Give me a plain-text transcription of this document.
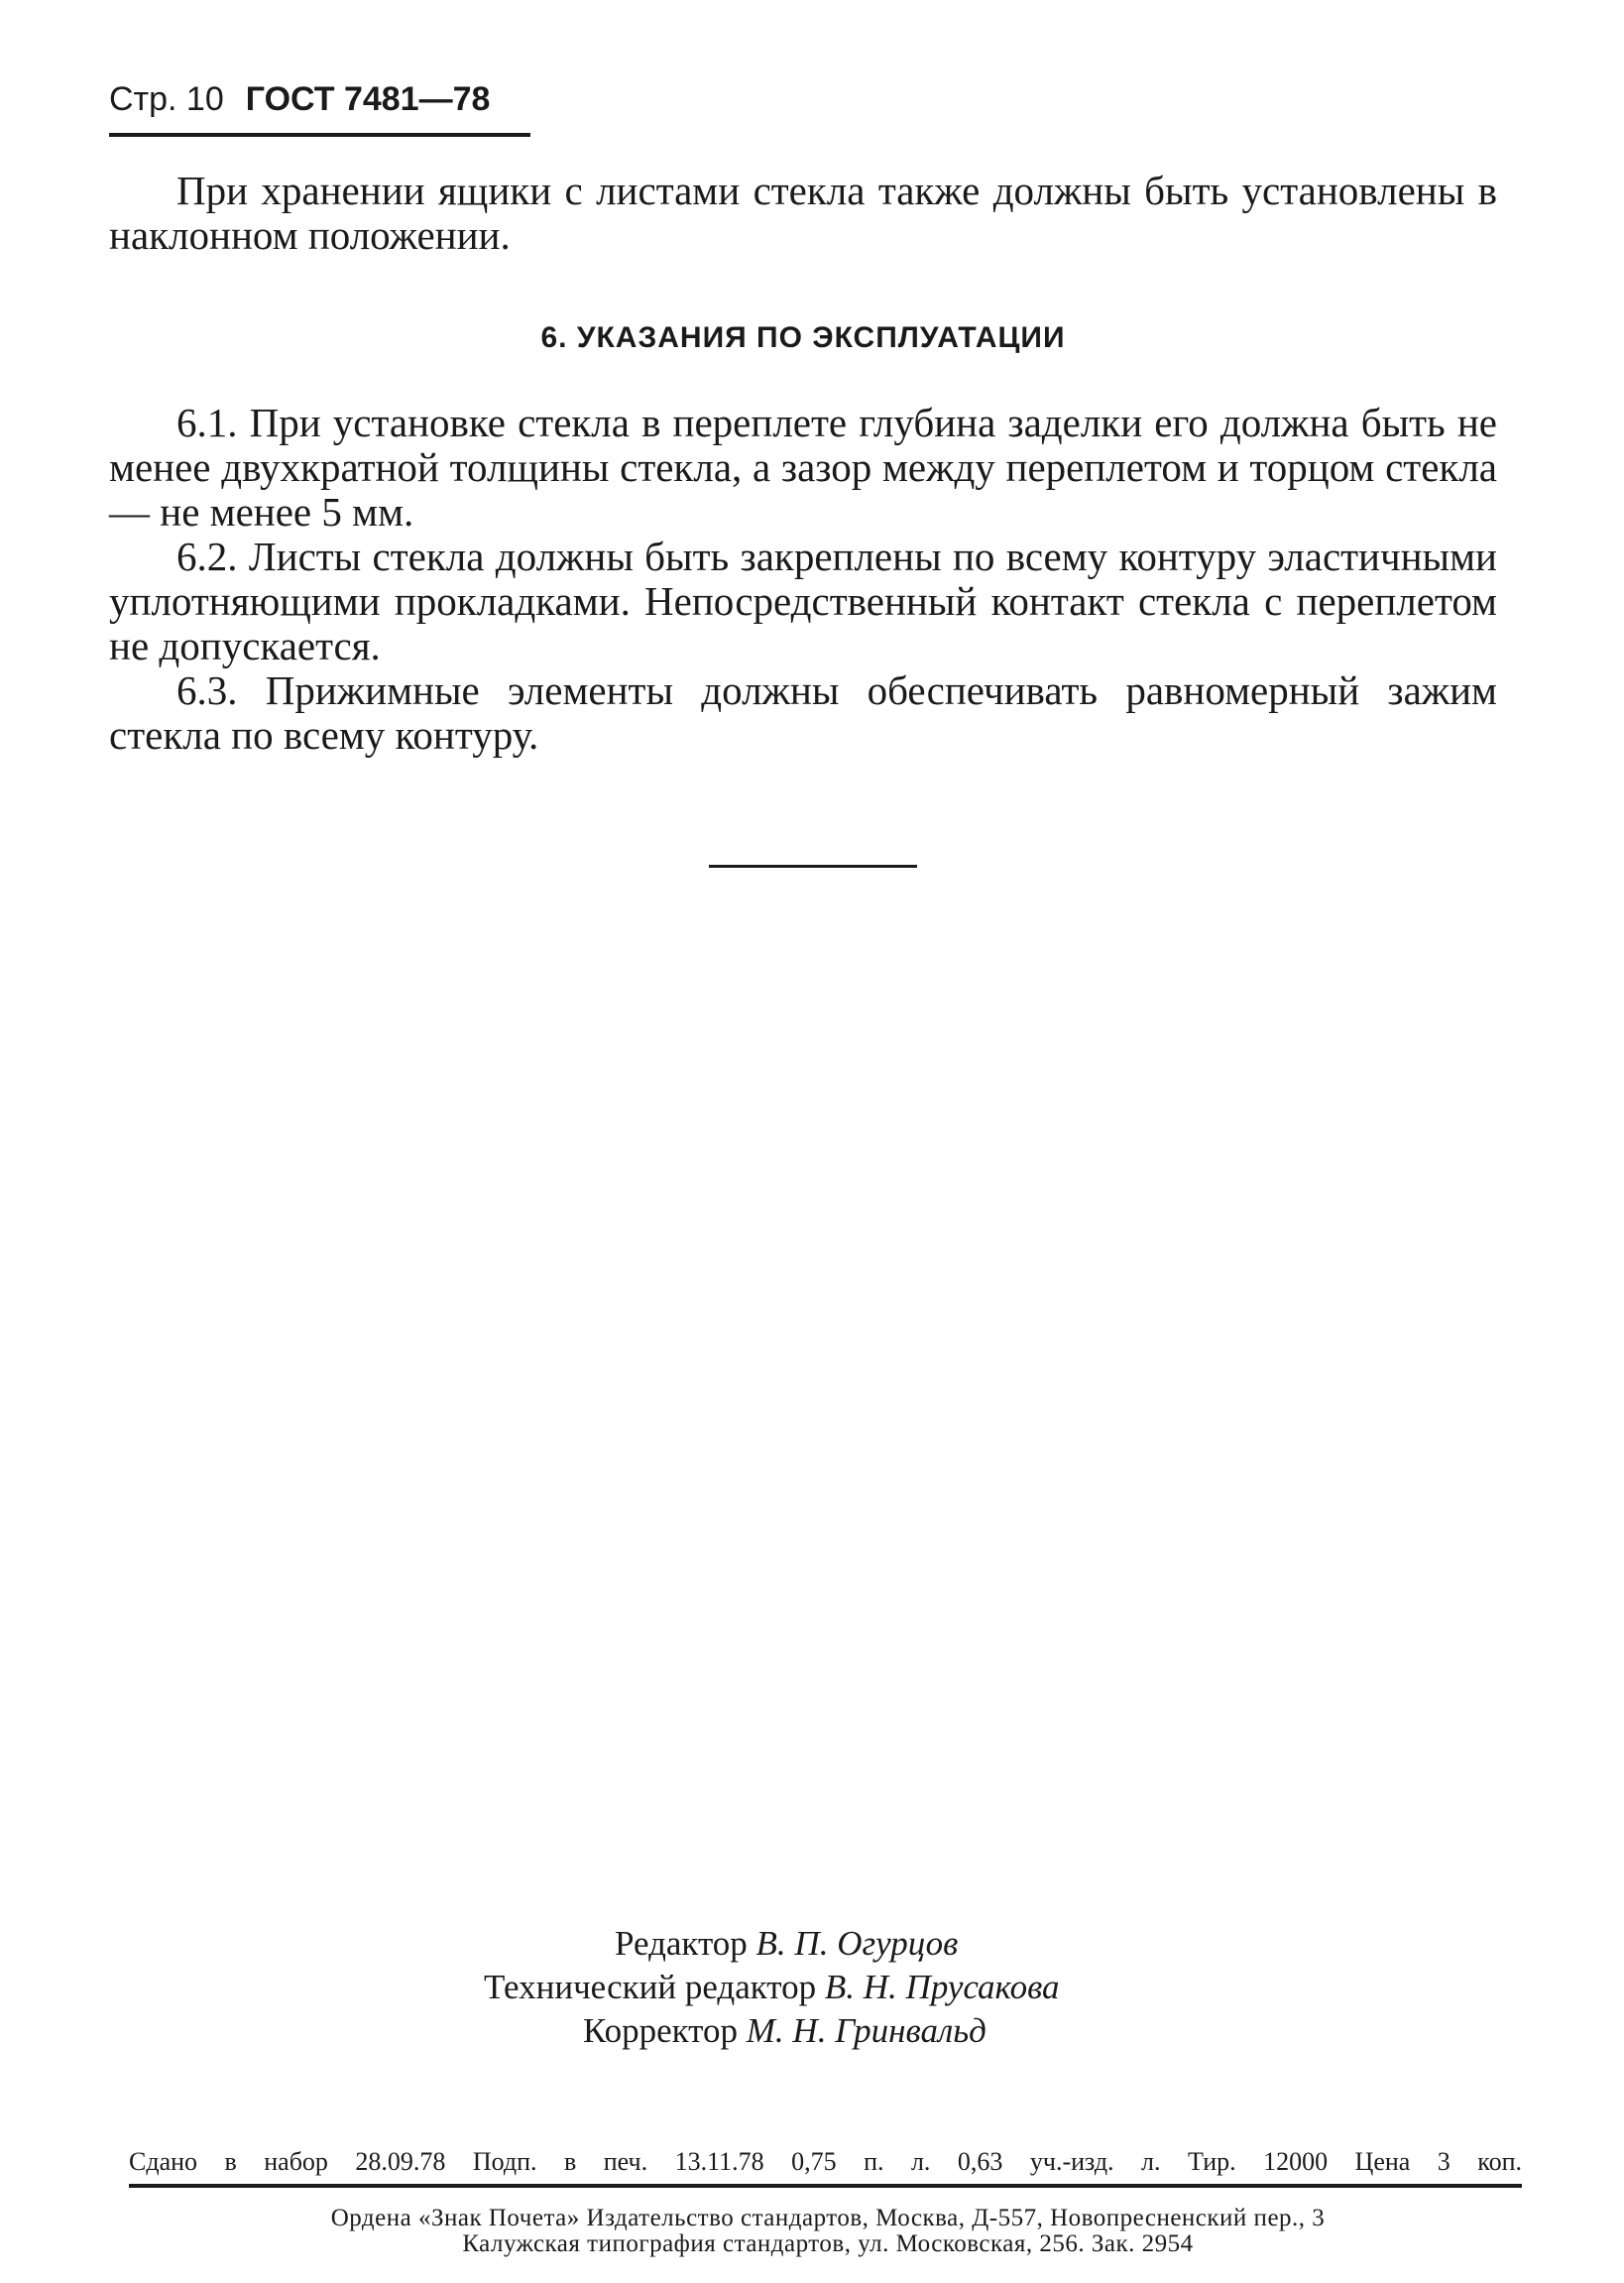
Стр. 10 ГОСТ 7481—78

При хранении ящики с листами стекла также должны быть установлены в наклонном положении.

6. УКАЗАНИЯ ПО ЭКСПЛУАТАЦИИ

6.1. При установке стекла в переплете глубина заделки его должна быть не менее двухкратной толщины стекла, а зазор между переплетом и торцом стекла — не менее 5 мм.

6.2. Листы стекла должны быть закреплены по всему контуру эластичными уплотняющими прокладками. Непосредственный контакт стекла с переплетом не допускается.

6.3. Прижимные элементы должны обеспечивать равномерный зажим стекла по всему контуру.

Редактор В. П. Огурцов
Технический редактор В. Н. Прусакова
Корректор М. Н. Гринвальд
Сдано в набор 28.09.78 Подп. в печ. 13.11.78 0,75 п. л. 0,63 уч.-изд. л. Тир. 12000 Цена 3 коп.
Ордена «Знак Почета» Издательство стандартов, Москва, Д-557, Новопресненский пер., 3
Калужская типография стандартов, ул. Московская, 256. Зак. 2954
